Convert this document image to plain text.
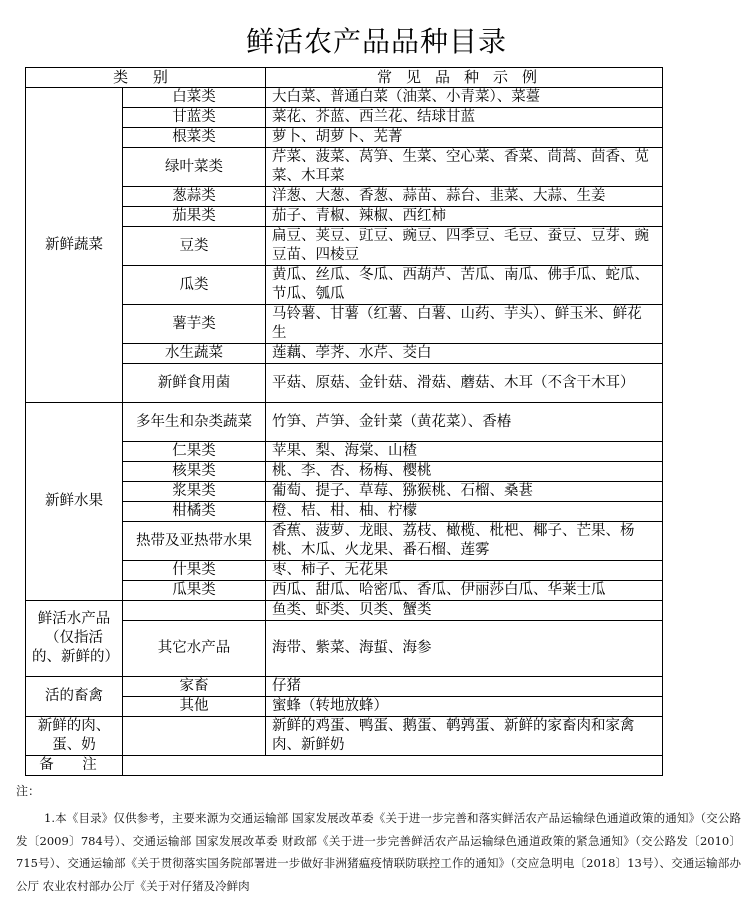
鲜活农产品品种目录
类 别		常见品种示例
新鲜蔬菜	白菜类	大白菜、普通白菜（油菜、小青菜）、菜薹
	甘蓝类	菜花、芥蓝、西兰花、结球甘蓝
	根菜类	萝卜、胡萝卜、芜菁
	绿叶菜类	芹菜、菠菜、莴笋、生菜、空心菜、香菜、茼蒿、茴香、苋菜、木耳菜
	葱蒜类	洋葱、大葱、香葱、蒜苗、蒜台、韭菜、大蒜、生姜
	茄果类	茄子、青椒、辣椒、西红柿
	豆类	扁豆、荚豆、豇豆、豌豆、四季豆、毛豆、蚕豆、豆芽、豌豆苗、四棱豆
	瓜类	黄瓜、丝瓜、冬瓜、西葫芦、苦瓜、南瓜、佛手瓜、蛇瓜、节瓜、瓠瓜
	薯芋类	马铃薯、甘薯（红薯、白薯、山药、芋头）、鲜玉米、鲜花生
	水生蔬菜	莲藕、荸荠、水芹、茭白
	新鲜食用菌	平菇、原菇、金针菇、滑菇、蘑菇、木耳（不含干木耳）
新鲜水果	多年生和杂类蔬菜	竹笋、芦笋、金针菜（黄花菜）、香椿
	仁果类	苹果、梨、海棠、山楂
	核果类	桃、李、杏、杨梅、樱桃
	浆果类	葡萄、提子、草莓、猕猴桃、石榴、桑葚
	柑橘类	橙、桔、柑、柚、柠檬
	热带及亚热带水果	香蕉、菠萝、龙眼、荔枝、橄榄、枇杷、椰子、芒果、杨桃、木瓜、火龙果、番石榴、莲雾
	什果类	枣、柿子、无花果
	瓜果类	西瓜、甜瓜、哈密瓜、香瓜、伊丽莎白瓜、华莱士瓜
鲜活水产品（仅指活的、新鲜的）		鱼类、虾类、贝类、蟹类
	其它水产品	海带、紫菜、海蜇、海参
活的畜禽	家畜	仔猪
	其他	蜜蜂（转地放蜂）
新鲜的肉、蛋、奶		新鲜的鸡蛋、鸭蛋、鹅蛋、鹌鹑蛋、新鲜的家畜肉和家禽肉、新鲜奶
备 注		
注：
1.本《目录》仅供参考，主要来源为交通运输部 国家发展改革委《关于进一步完善和落实鲜活农产品运输绿色通道政策的通知》（交公路发〔2009〕784号）、交通运输部 国家发展改革委 财政部《关于进一步完善鲜活农产品运输绿色通道政策的紧急通知》（交公路发〔2010〕715号）、交通运输部《关于贯彻落实国务院部署进一步做好非洲猪瘟疫情联防联控工作的通知》（交应急明电〔2018〕13号）、交通运输部办公厅 农业农村部办公厅《关于对仔猪及冷鲜肉
